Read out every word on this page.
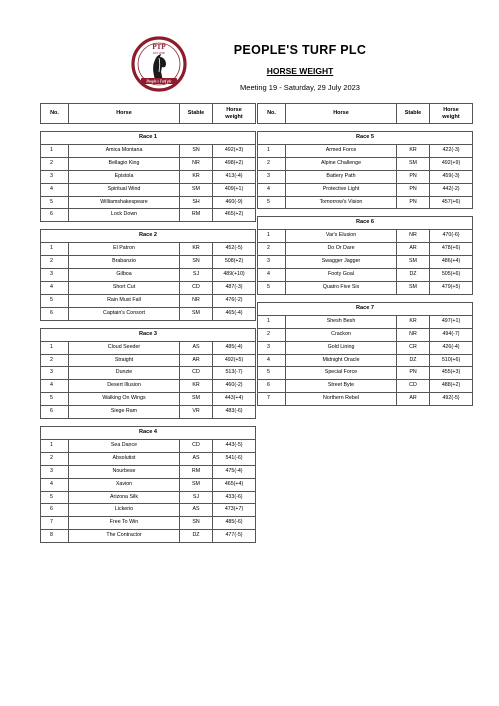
PTP
EST 2008
People's Turf plc
PEOPLE'S TURF PLC
HORSE WEIGHT
Meeting 19 - Saturday, 29 July 2023
No.	Horse	Stable	Horse
weight
Race 1			
1	Amica Montana	SN	492(+3)
2	Bellagio King	NR	498(+2)
3	Epistola	KR	413(-4)
4	Spiritual Wind	SM	409(+1)
5	Williamshakespeare	SH	460(-9)
6	Lock Down	RM	465(+2)
Race 2			
1	El Patron	KR	452(-5)
2	Brabanzio	SN	508(+2)
3	Gilboa	SJ	489(+10)
4	Short Cut	CD	487(-3)
5	Rain Must Fall	NR	476(-2)
6	Captain's Consort	SM	465(-4)
Race 3			
1	Cloud Seeder	AS	485(-4)
2	Straight	AR	492(+5)
3	Dunzie	CD	513(-7)
4	Desert Illusion	KR	460(-2)
5	Walking On Wings	SM	443(+4)
6	Siege Ram	VR	483(-6)
Race 4			
1	Sea Dance	CD	443(-5)
2	Absolutist	AS	541(-6)
3	Nourbese	RM	475(-4)
4	Xavion	SM	465(+4)
5	Arizona Silk	SJ	433(-6)
6	Lickerio	AS	473(+7)
7	Free To Win	SN	485(-6)
8	The Contractor	DZ	477(-5)
No.	Horse	Stable	Horse
weight
Race 5			
1	Armed Force	KR	422(-3)
2	Alpine Challenge	SM	492(+9)
3	Battery Path	PN	459(-3)
4	Protective Light	PN	442(-2)
5	Tomorrow's Vision	PN	457(+6)
Race 6			
1	Var's Elusion	NR	470(-6)
2	Do Or Dare	AR	478(+6)
3	Swagger Jagger	SM	486(+4)
4	Footy Goal	DZ	505(+6)
5	Quatro Five Six	SM	479(+5)
Race 7			
1	Shesh Besh	KR	497(+1)
2	Crackon	NR	494(-7)
3	Gold Lining	CR	426(-4)
4	Midnight Oracle	DZ	510(+6)
5	Special Force	PN	455(+3)
6	Street Byte	CD	488(+2)
7	Northern Rebel	AR	492(-5)
